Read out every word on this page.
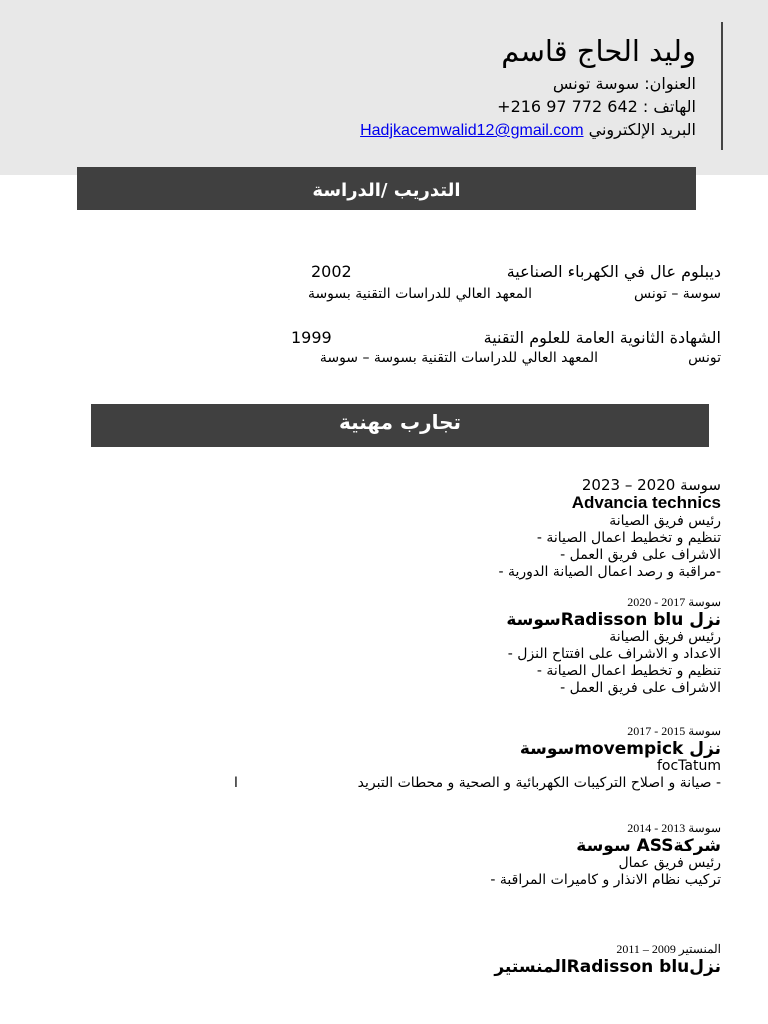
وليد الحاج قاسم
العنوان: سوسة تونس
+الهاتف : 642 772 97 216
البريد الإلكتروني Hadjkacemwalid12@gmail.com
التدريب /الدراسة
ديبلوم عال في الكهرباء الصناعية
2002
سوسة – تونس
المعهد العالي للدراسات التقنية بسوسة
الشهادة الثانوية العامة للعلوم التقنية
1999
تونس
المعهد العالي للدراسات التقنية بسوسة – سوسة
تجارب مهنية
سوسة 2020 – 2023
Advancia technics
رئيس فريق الصيانة
تنظيم و تخطيط اعمال الصيانة -
الاشراف على فريق العمل -
-مراقبة و رصد اعمال الصيانة الدورية -
سوسة 2017 - 2020
نزل Radisson bluسوسة
رئيس فريق الصيانة
الاعداد و الاشراف على افتتاح النزل -
تنظيم و تخطيط اعمال الصيانة -
الاشراف على فريق العمل -
سوسة 2015 - 2017
نزل movempickسوسة
focTatum
- صيانة و اصلاح التركيبات الكهربائية و الصحية و محطات التبريد
ا
سوسة 2013 - 2014
شركةASS سوسة
رئيس فريق عمال
تركيب نظام الانذار و كاميرات المراقبة -
المنستير 2009 – 2011
نزلRadisson bluالمنستير
